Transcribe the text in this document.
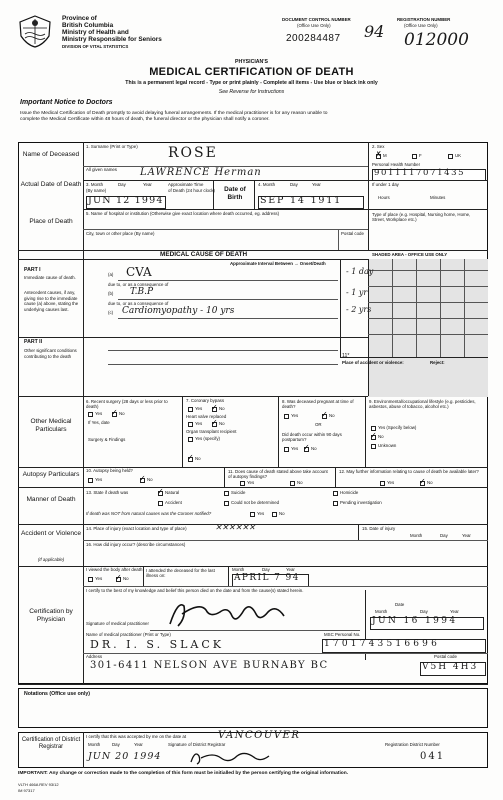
Province of
British Columbia
Ministry of Health and
Ministry Responsible for Seniors
DIVISION OF VITAL STATISTICS
DOCUMENT CONTROL NUMBER
(Office Use Only)
200284487
REGISTRATION NUMBER
(Office Use Only)
94 012000
PHYSICIAN'S
MEDICAL CERTIFICATION OF DEATH
This is a permanent legal record - Type or print plainly - Complete all items - Use blue or black ink only
See Reverse for Instructions
Important Notice to Doctors
Issue the Medical Certification of Death promptly to avoid delaying funeral arrangements. If the medical practitioner is for any reason unable to
complete the Medical Certificate within 48 hours of death, the funeral director or the physician shall notify a coroner.
Name of Deceased
Actual Date of Death
Place of Death
1. Surname (Print or Type) ROSE
All given names LAWRENCE Herman
2. Sex
✗ M	F	UK
Personal Health Number
9011117071435
3. Month	Day	Year
(By name)
Approximate Time
of Death (24 hour clock)
JUN 12 1994
Date of Birth
4. Month	Day	Year
SEP 14 1911
If under 1 day
Hours	Minutes
5. Name of hospital or institution (Otherwise give exact location where death occurred, eg. address)
City, town or other place (By name)	Postal code
Type of place (e.g. Hospital, Nursing home, Home, Street, Workplace etc.)
MEDICAL CAUSE OF DEATH	SHADED AREA - OFFICE USE ONLY
Approximate Interval Between → Onset/Death
PART I
Immediate cause of death.
Antecedent causes, if any, giving rise to the immediate cause (a) above, stating the underlying causes last.
(a) CVA
due to, or as a consequence of
(b) T.B.P
due to, or as a consequence of
(c) Cardiomyopathy - 10 yrs
- 1 day
- 1 yr
- 2 yrs
PART II
Other significant conditions contributing to the death	11*
Place of accident or violence:	Reject:
Other Medical Particulars
6. Recent surgery (28 days or less prior to death)
Yes ✓ No
If Yes, date
Surgery & Findings
7. Coronary bypass
Yes ✓ No
Heart valve replaced
Yes ✓ No
Organ transplant recipient
Yes (specify)
✓ No
8. Was deceased pregnant at time of death?
Yes	✓ No
OR
Did death occur within 90 days postpartum?
Yes ✓ No
9. Environmental/occupational lifestyle (e.g. pesticides, asbestos, abuse of tobacco, alcohol etc.)
Yes (Specify below)
✓ No
Unknown
Autopsy Particulars
10. Autopsy being held?
Yes	✓ No
11. Does cause of death stated above take account of autopsy findings?
Yes	No
12. May further information relating to cause of death be available later?
Yes	✓ No
Manner of Death
13. State if death was	✓ Natural	Suicide	Homicide
Accident	Could not be determined	Pending investigation
If death was NOT from natural causes was the Coroner notified?	Yes	No
Accident or Violence
(If applicable)
14. Place of injury (exact location and type of place)	✕✕✕✕✕✕	15. Date of injury
Month	Day	Year
16. How did injury occur? (describe circumstances)
I viewed the body after death
Yes ✓ No
I attended the deceased for the last illness on:
Month	Day	Year
APRIL 7 94
I certify to the best of my knowledge and belief this person died on the date and from the cause(s) stated herein.
Certification by Physician
Signature of medical practitioner
Date
Month	Day	Year
JUN 16 1994
Name of medical practitioner (Print or Type)
DR. I. S. SLACK
MSC Personal No.
1701743516696
Address
301-6411 NELSON AVE BURNABY BC
Postal code
V5H 4H3
Notations (Office use only)
Certification of District Registrar
I certify that this was accepted by me on the date at	VANCOUVER
Month	Day	Year	Signature of District Registrar	Registration District Number
JUN 20 1994	041
IMPORTANT: Any change or correction made to the completion of this form must be initialled by the person certifying the original information.
VLTH 466A REV 93/12
IM 97317
